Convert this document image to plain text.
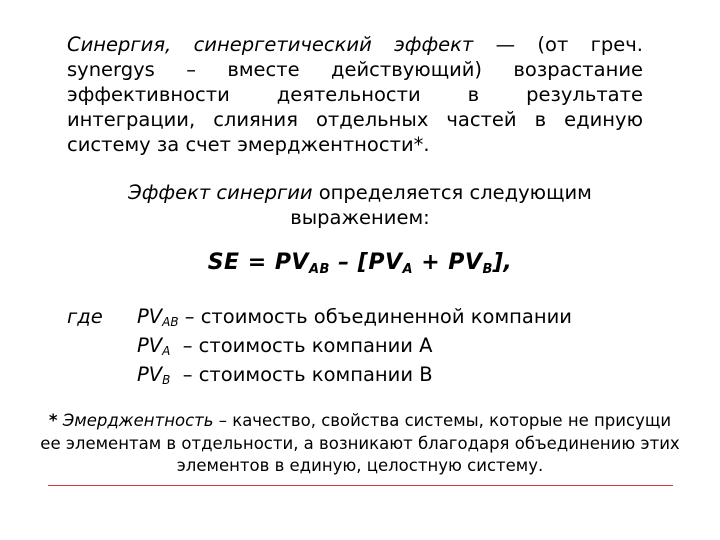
Синергия, синергетический эффект — (от греч. synergys – вместе действующий) возрастание эффективности деятельности в результате интеграции, слияния отдельных частей в единую систему за счет эмерджентности*.
Эффект синергии определяется следующим выражением:
SE = $PV_{AB} - [PV_A + PV_B]$,
где $PV_{AB}$ – стоимость объединенной компании
$PV_A$  – стоимость компании А
$PV_B$  – стоимость компании В
* Эмерджентность – качество, свойства системы, которые не присущи ее элементам в отдельности, а возникают благодаря объединению этих элементов в единую, целостную систему.
